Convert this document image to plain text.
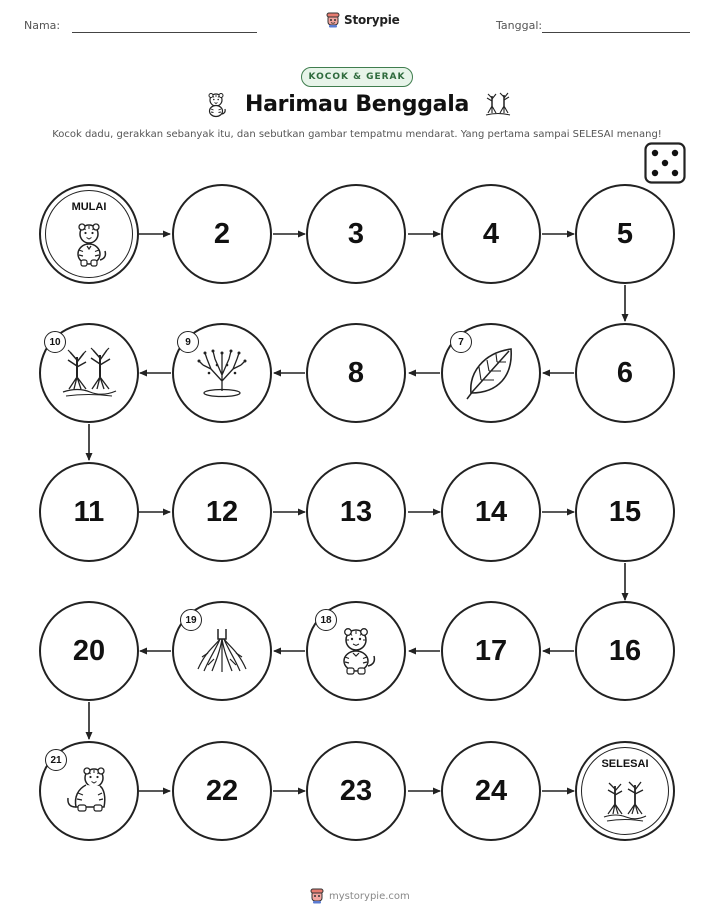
Nama:	Storypie	Tanggal:
KOCOK & GERAK
Harimau Benggala
Kocok dadu, gerakkan sebanyak itu, dan sebutkan gambar tempatmu mendarat. Yang pertama sampai SELESAI menang!
MULAI
2	3	4	5
10	9
8
7
6
11	12	13	14	15
20
19	18
17	16
21
22	23	24
SELESAI
mystorypie.com
